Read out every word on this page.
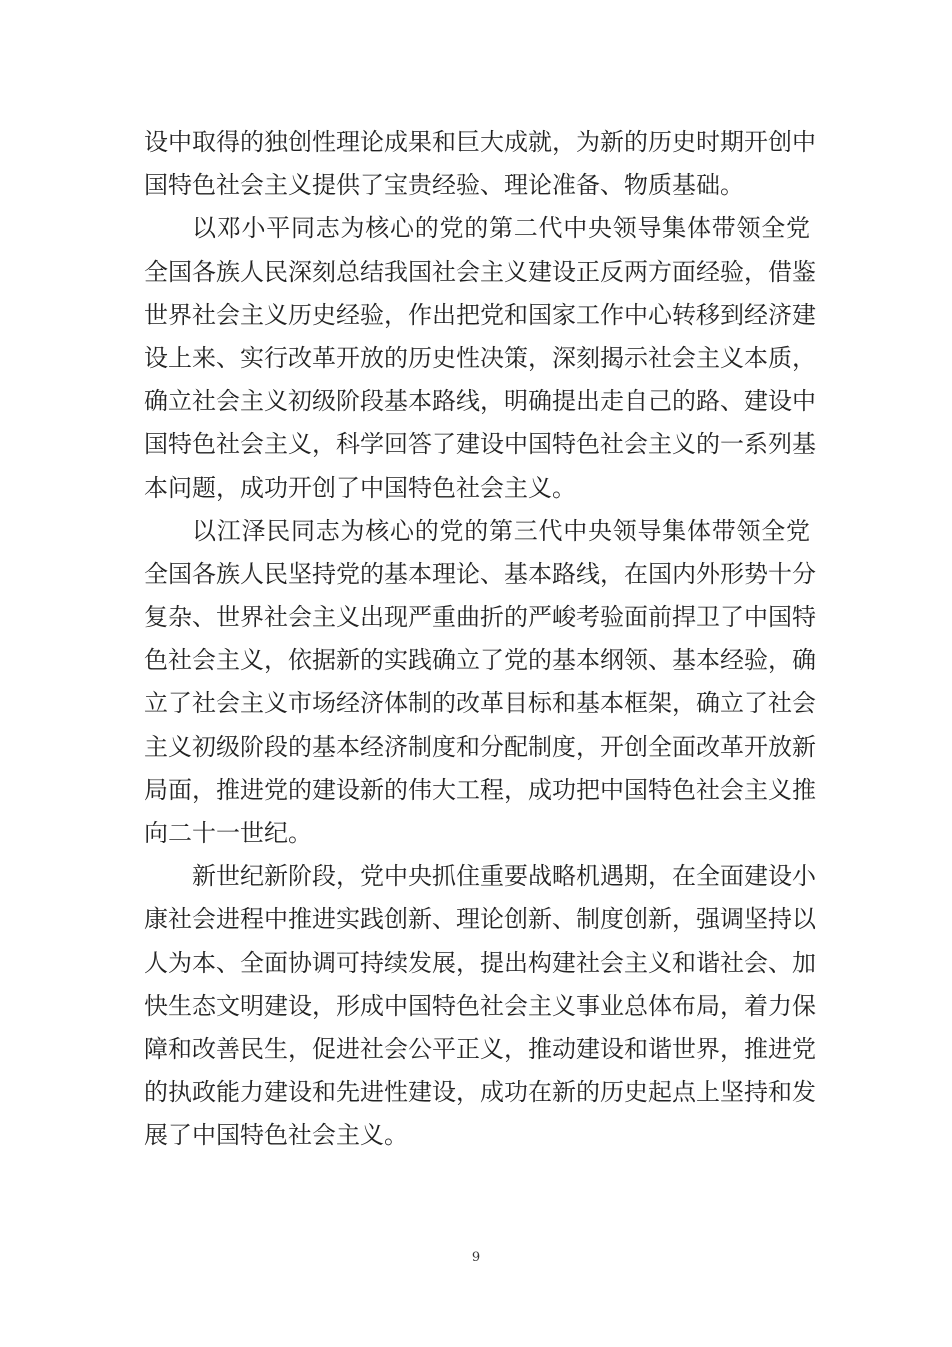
设中取得的独创性理论成果和巨大成就，为新的历史时期开创中
国特色社会主义提供了宝贵经验、理论准备、物质基础。
以邓小平同志为核心的党的第二代中央领导集体带领全党
全国各族人民深刻总结我国社会主义建设正反两方面经验，借鉴
世界社会主义历史经验，作出把党和国家工作中心转移到经济建
设上来、实行改革开放的历史性决策，深刻揭示社会主义本质，
确立社会主义初级阶段基本路线，明确提出走自己的路、建设中
国特色社会主义，科学回答了建设中国特色社会主义的一系列基
本问题，成功开创了中国特色社会主义。
以江泽民同志为核心的党的第三代中央领导集体带领全党
全国各族人民坚持党的基本理论、基本路线，在国内外形势十分
复杂、世界社会主义出现严重曲折的严峻考验面前捍卫了中国特
色社会主义，依据新的实践确立了党的基本纲领、基本经验，确
立了社会主义市场经济体制的改革目标和基本框架，确立了社会
主义初级阶段的基本经济制度和分配制度，开创全面改革开放新
局面，推进党的建设新的伟大工程，成功把中国特色社会主义推
向二十一世纪。
新世纪新阶段，党中央抓住重要战略机遇期，在全面建设小
康社会进程中推进实践创新、理论创新、制度创新，强调坚持以
人为本、全面协调可持续发展，提出构建社会主义和谐社会、加
快生态文明建设，形成中国特色社会主义事业总体布局，着力保
障和改善民生，促进社会公平正义，推动建设和谐世界，推进党
的执政能力建设和先进性建设，成功在新的历史起点上坚持和发
展了中国特色社会主义。
9
